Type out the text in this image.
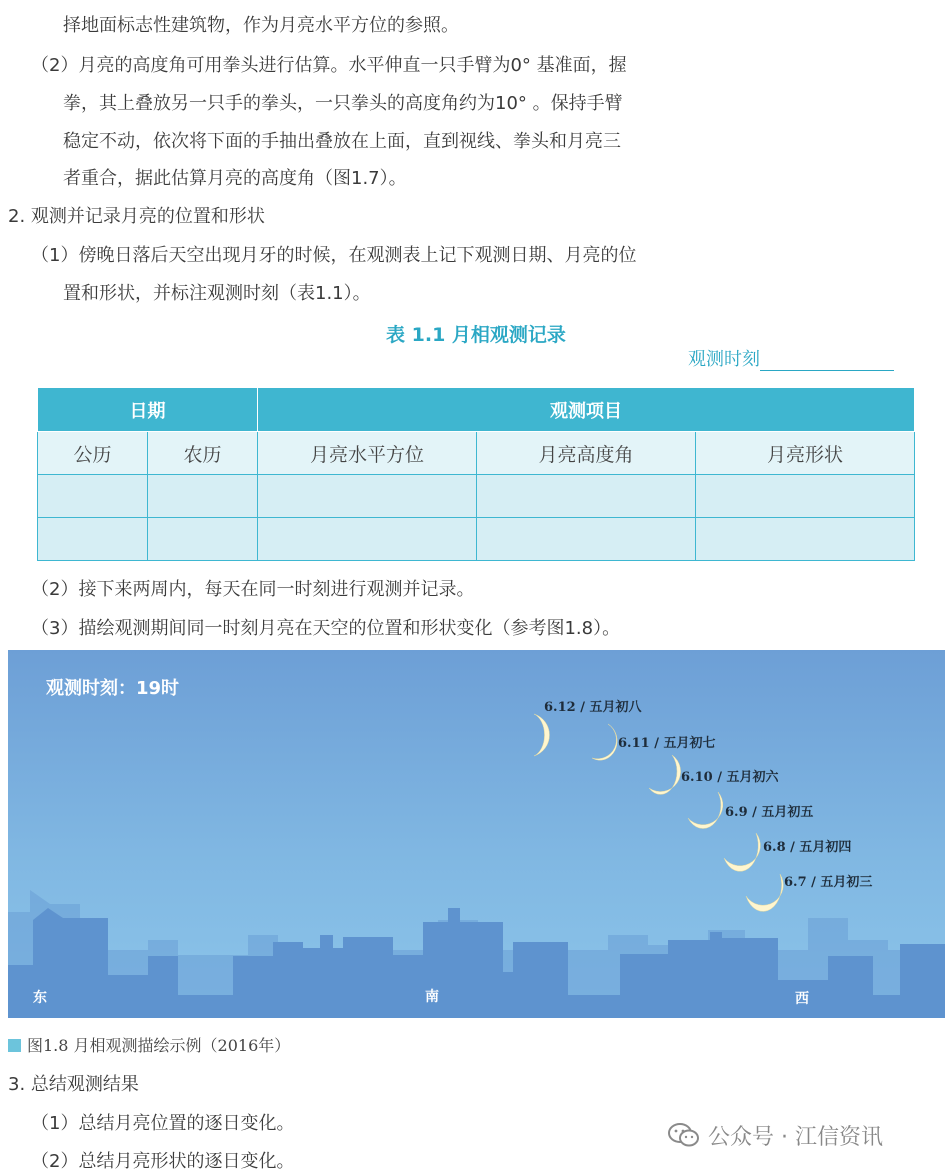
择地面标志性建筑物，作为月亮水平方位的参照。
（2）月亮的高度角可用拳头进行估算。水平伸直一只手臂为0° 基准面，握
拳，其上叠放另一只手的拳头，一只拳头的高度角约为10° 。保持手臂
稳定不动，依次将下面的手抽出叠放在上面，直到视线、拳头和月亮三
者重合，据此估算月亮的高度角（图1.7）。
2. 观测并记录月亮的位置和形状
（1）傍晚日落后天空出现月牙的时候，在观测表上记下观测日期、月亮的位
置和形状，并标注观测时刻（表1.1）。
表 1.1 月相观测记录
观测时刻
日期		观测项目		
公历	农历	月亮水平方位	月亮高度角	月亮形状

（2）接下来两周内，每天在同一时刻进行观测并记录。
（3）描绘观测期间同一时刻月亮在天空的位置和形状变化（参考图1.8）。
观测时刻：19时
6.12 / 五月初八
6.11 / 五月初七
6.10 / 五月初六
6.9 / 五月初五
6.8 / 五月初四
6.7 / 五月初三
东	南	西
图1.8 月相观测描绘示例（2016年）
3. 总结观测结果
（1）总结月亮位置的逐日变化。
（2）总结月亮形状的逐日变化。
公众号 · 江信资讯
